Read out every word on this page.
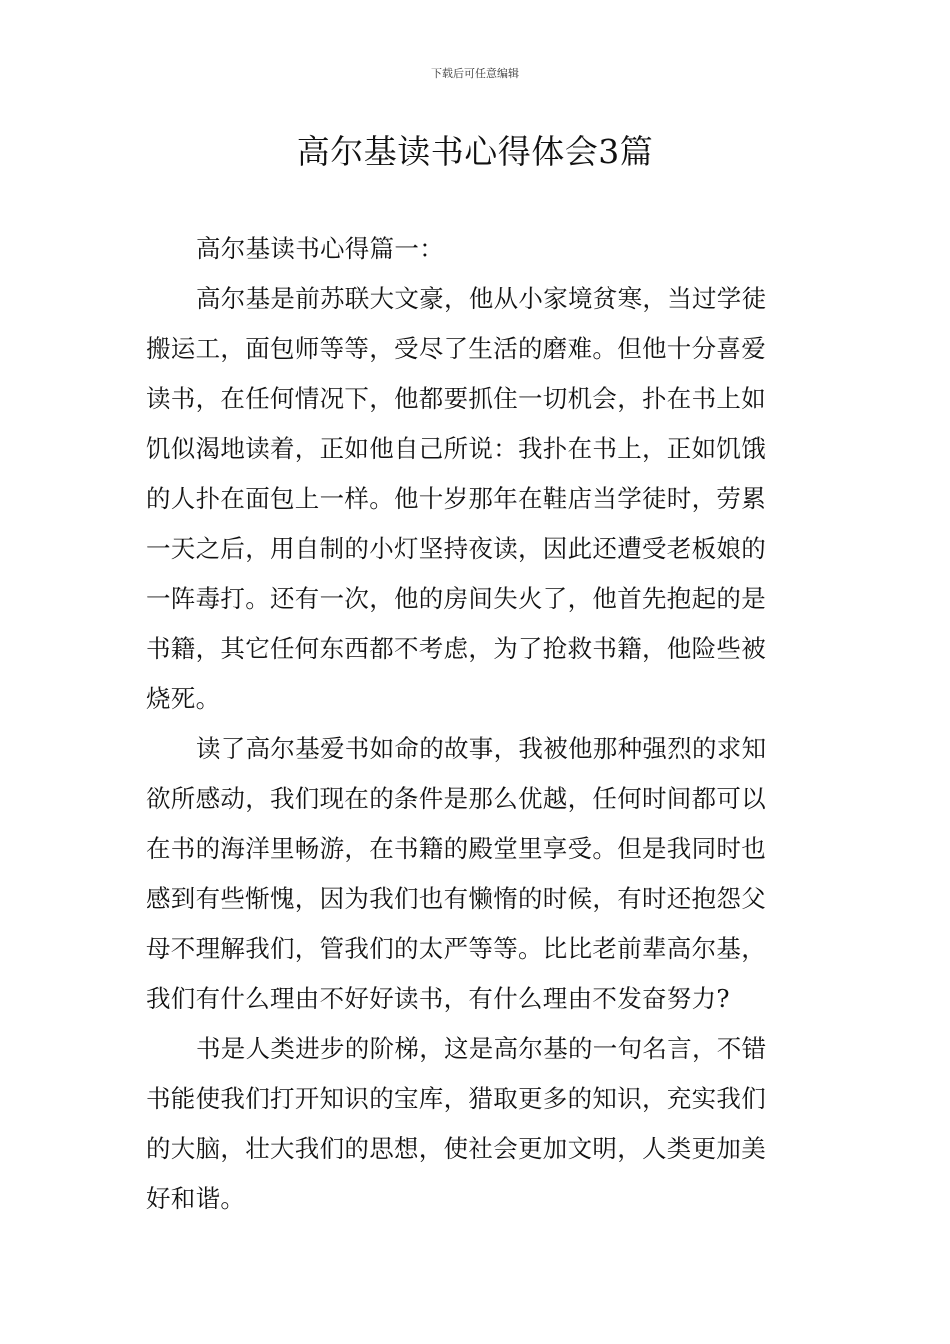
下载后可任意编辑
高尔基读书心得体会3篇
高尔基读书心得篇一：
高尔基是前苏联大文豪，他从小家境贫寒，当过学徒
搬运工，面包师等等，受尽了生活的磨难。但他十分喜爱
读书，在任何情况下，他都要抓住一切机会，扑在书上如
饥似渴地读着，正如他自己所说：我扑在书上，正如饥饿
的人扑在面包上一样。他十岁那年在鞋店当学徒时，劳累
一天之后，用自制的小灯坚持夜读，因此还遭受老板娘的
一阵毒打。还有一次，他的房间失火了，他首先抱起的是
书籍，其它任何东西都不考虑，为了抢救书籍，他险些被
烧死。
读了高尔基爱书如命的故事，我被他那种强烈的求知
欲所感动，我们现在的条件是那么优越，任何时间都可以
在书的海洋里畅游，在书籍的殿堂里享受。但是我同时也
感到有些惭愧，因为我们也有懒惰的时候，有时还抱怨父
母不理解我们，管我们的太严等等。比比老前辈高尔基，
我们有什么理由不好好读书，有什么理由不发奋努力?
书是人类进步的阶梯，这是高尔基的一句名言，不错
书能使我们打开知识的宝库，猎取更多的知识，充实我们
的大脑，壮大我们的思想，使社会更加文明，人类更加美
好和谐。
